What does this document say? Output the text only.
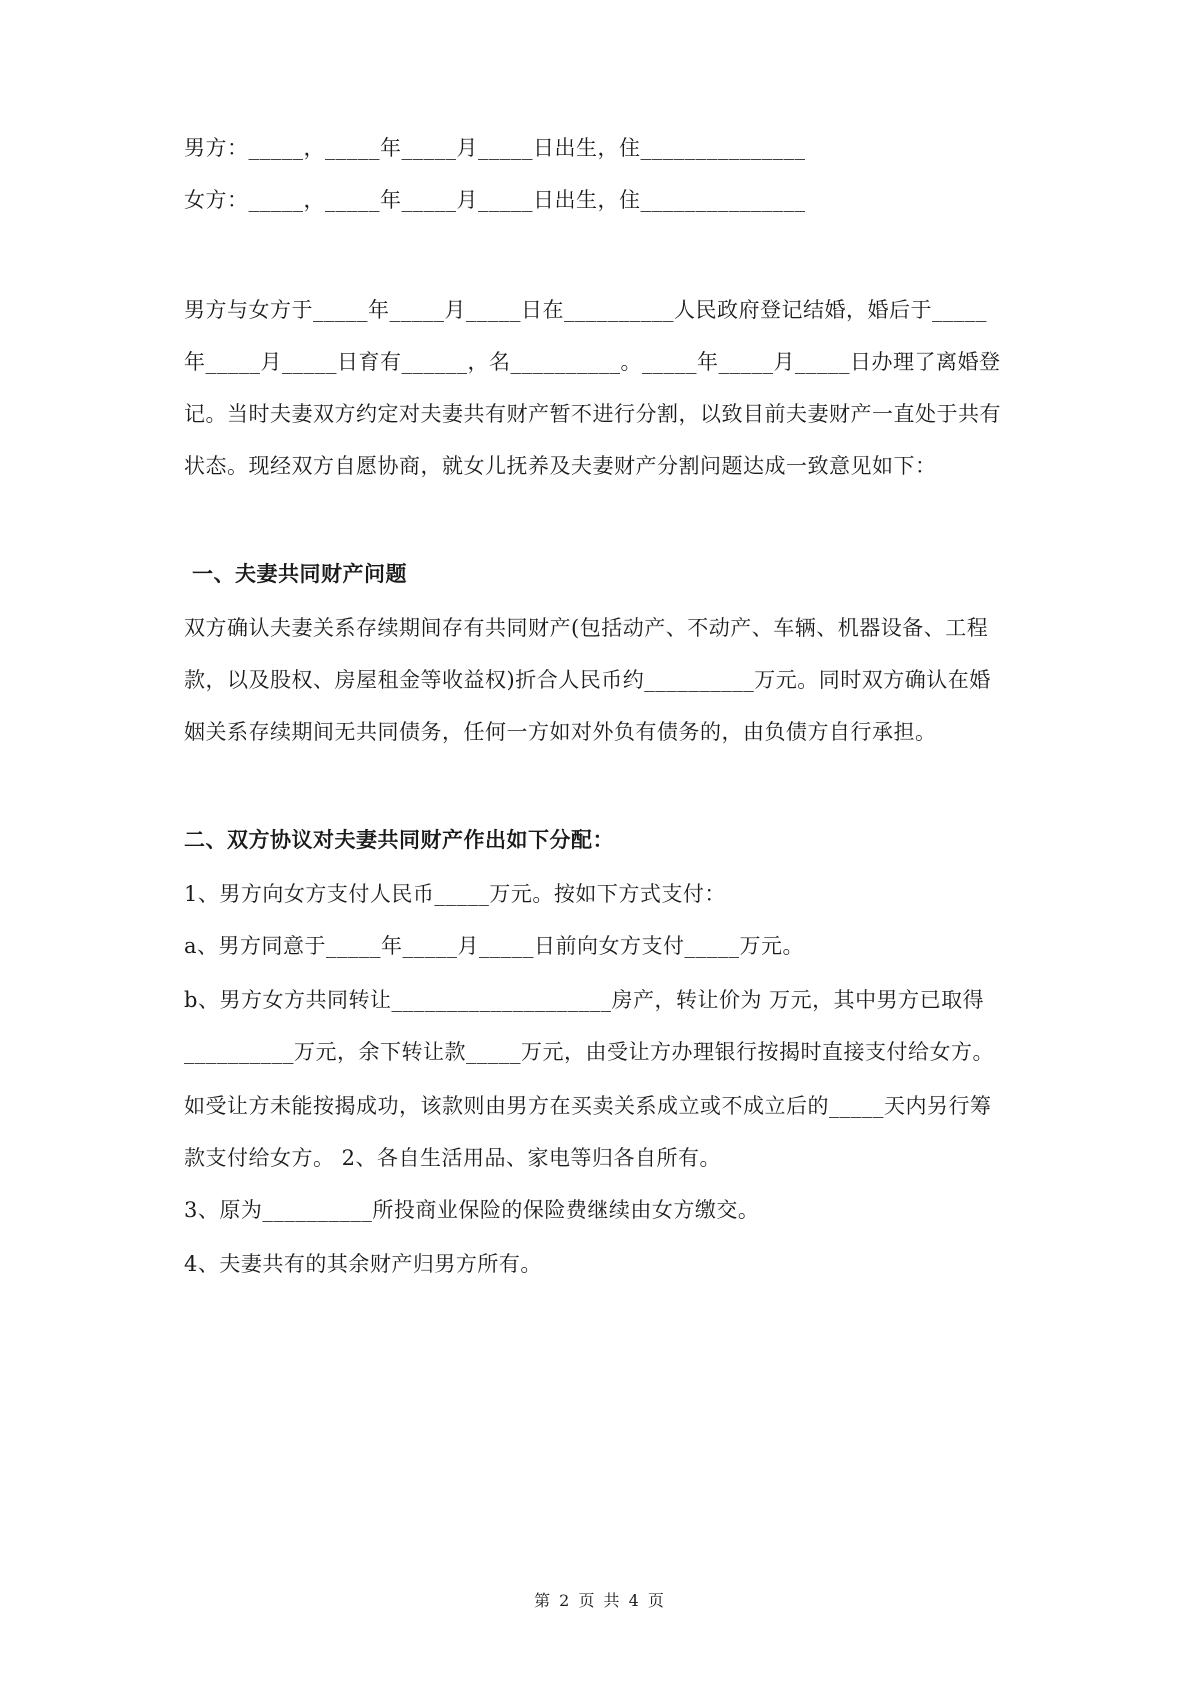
男方：_____，_____年_____月_____日出生，住_______________
女方：_____，_____年_____月_____日出生，住_______________
男方与女方于_____年_____月_____日在__________人民政府登记结婚，婚后于_____
年_____月_____日育有______，名__________。_____年_____月_____日办理了离婚登
记。当时夫妻双方约定对夫妻共有财产暂不进行分割，以致目前夫妻财产一直处于共有
状态。现经双方自愿协商，就女儿抚养及夫妻财产分割问题达成一致意见如下：
一、夫妻共同财产问题
双方确认夫妻关系存续期间存有共同财产(包括动产、不动产、车辆、机器设备、工程
款，以及股权、房屋租金等收益权)折合人民币约__________万元。同时双方确认在婚
姻关系存续期间无共同债务，任何一方如对外负有债务的，由负债方自行承担。
二、双方协议对夫妻共同财产作出如下分配：
1、男方向女方支付人民币_____万元。按如下方式支付：
a、男方同意于_____年_____月_____日前向女方支付_____万元。
b、男方女方共同转让____________________房产，转让价为 万元，其中男方已取得
__________万元，余下转让款_____万元，由受让方办理银行按揭时直接支付给女方。
如受让方未能按揭成功，该款则由男方在买卖关系成立或不成立后的_____天内另行筹
款支付给女方。 2、各自生活用品、家电等归各自所有。
3、原为__________所投商业保险的保险费继续由女方缴交。
4、夫妻共有的其余财产归男方所有。
第 2 页 共 4 页
